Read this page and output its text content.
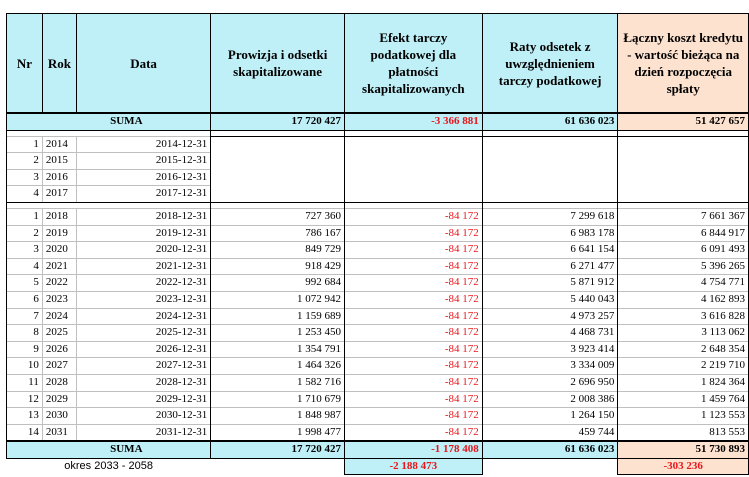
Nr	Rok	Data	Prowizja i odsetki skapitalizowane	Efekt tarczy podatkowej dla płatności skapitalizowanych	Raty odsetek z uwzględnieniem tarczy podatkowej	Łączny koszt kredytu - wartość bieżąca na dzień rozpoczęcia spłaty
	SUMA		17 720 427	-3 366 881	61 636 023	51 427 657

1	2014	2014-12-31				
2	2015	2015-12-31				
3	2016	2016-12-31				
4	2017	2017-12-31				

1	2018	2018-12-31	727 360	-84 172	7 299 618	7 661 367
2	2019	2019-12-31	786 167	-84 172	6 983 178	6 844 917
3	2020	2020-12-31	849 729	-84 172	6 641 154	6 091 493
4	2021	2021-12-31	918 429	-84 172	6 271 477	5 396 265
5	2022	2022-12-31	992 684	-84 172	5 871 912	4 754 771
6	2023	2023-12-31	1 072 942	-84 172	5 440 043	4 162 893
7	2024	2024-12-31	1 159 689	-84 172	4 973 257	3 616 828
8	2025	2025-12-31	1 253 450	-84 172	4 468 731	3 113 062
9	2026	2026-12-31	1 354 791	-84 172	3 923 414	2 648 354
10	2027	2027-12-31	1 464 326	-84 172	3 334 009	2 219 710
11	2028	2028-12-31	1 582 716	-84 172	2 696 950	1 824 364
12	2029	2029-12-31	1 710 679	-84 172	2 008 386	1 459 764
13	2030	2030-12-31	1 848 987	-84 172	1 264 150	1 123 553
14	2031	2031-12-31	1 998 477	-84 172	459 744	813 553
	SUMA		17 720 427	-1 178 408	61 636 023	51 730 893
okres 2033 - 2058				-2 188 473		-303 236
